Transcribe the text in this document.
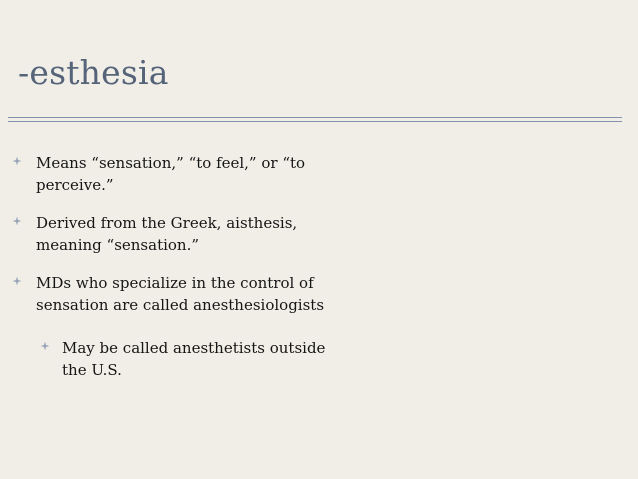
-esthesia
Means “sensation,” “to feel,” or “to perceive.”
Derived from the Greek, aisthesis, meaning “sensation.”
MDs who specialize in the control of sensation are called anesthesiologists
May be called anesthetists outside the U.S.
